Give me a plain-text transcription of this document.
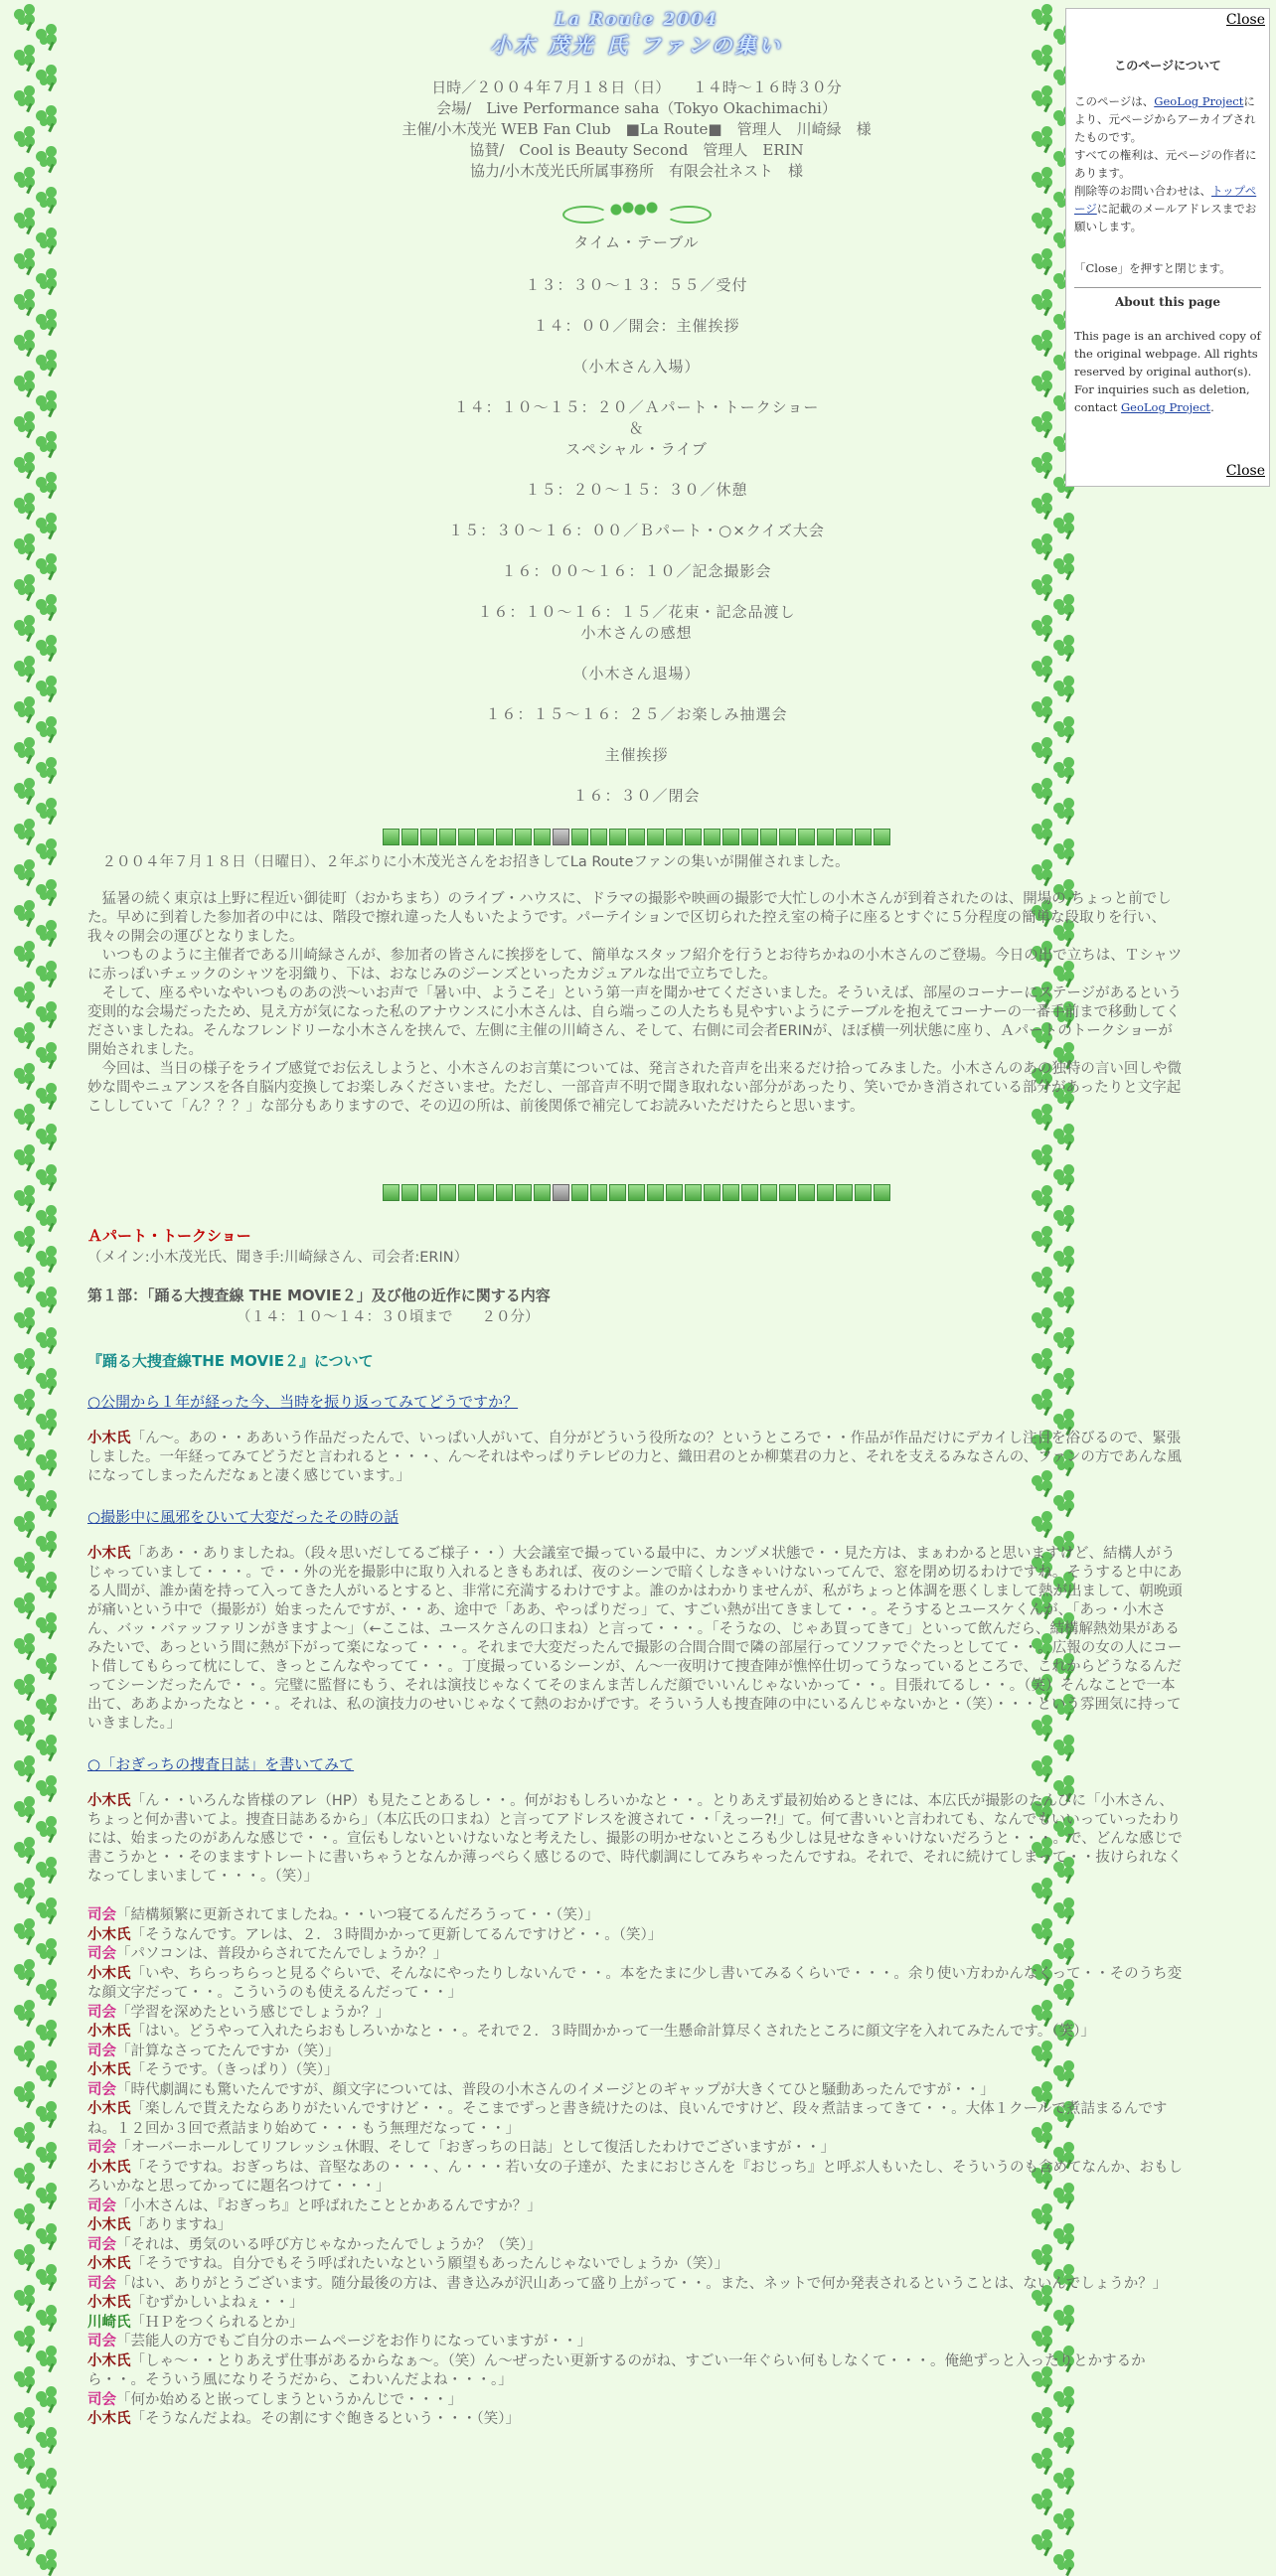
La Route 2004
小木 茂光 氏 ファンの集い
日時／２００４年７月１８日（日）　　１４時～１６時３０分
会場/　Live Performance saha（Tokyo Okachimachi）
主催/小木茂光 WEB Fan Club　■La Route■　管理人　川崎緑　様
協賛/　Cool is Beauty Second　管理人　ERIN
協力/小木茂光氏所属事務所　有限会社ネスト　様

タイム・テーブル

１３：３０～１３：５５／受付

１４：００／開会：主催挨拶

（小木さん入場）

１４：１０～１５：２０／Ａパート・トークショー
＆
スペシャル・ライブ

１５：２０～１５：３０／休憩

１５：３０～１６：００／Ｂパート・○×クイズ大会

１６：００～１６：１０／記念撮影会

１６：１０～１６：１５／花束・記念品渡し
小木さんの感想

（小木さん退場）

１６：１５～１６：２５／お楽しみ抽選会

主催挨拶

１６：３０／閉会

２００４年７月１８日（日曜日）、２年ぶりに小木茂光さんをお招きしてLa Routeファンの集いが開催されました。

猛暑の続く東京は上野に程近い御徒町（おかちまち）のライブ・ハウスに、ドラマの撮影や映画の撮影で大忙しの小木さんが到着されたのは、開場の ちょっと前でした。早めに到着した参加者の中には、階段で擦れ違った人もいたようです。パーテイションで区切られた控え室の椅子に座るとすぐに５分程度の簡単な段取りを行い、我々の開会の運びとなりました。

いつものように主催者である川崎緑さんが、参加者の皆さんに挨拶をして、簡単なスタッフ紹介を行うとお待ちかねの小木さんのご登場。今日の出で立ちは、Ｔシャツに赤っぽいチェックのシャツを羽織り、下は、おなじみのジーンズといったカジュアルな出で立ちでした。

そして、座るやいなやいつものあの渋～いお声で「暑い中、ようこそ」という第一声を聞かせてくださいました。そういえば、部屋のコーナーにステージがあるという変則的な会場だったため、見え方が気になった私のアナウンスに小木さんは、自ら端っこの人たちも見やすいようにテーブルを抱えてコーナーの一番手前まで移動してくださいましたね。そんなフレンドリーな小木さんを挟んで、左側に主催の川崎さん、そして、右側に司会者ERINが、ほぼ横一列状態に座り、Ａパートのトークショーが開始されました。

今回は、当日の様子をライブ感覚でお伝えしようと、小木さんのお言葉については、発言された音声を出来るだけ拾ってみました。小木さんのあの独特の言い回しや微妙な間やニュアンスを各自脳内変換してお楽しみくださいませ。ただし、一部音声不明で聞き取れない部分があったり、笑いでかき消されている部分があったりと文字起こししていて「ん？？？」な部分もありますので、その辺の所は、前後関係で補完してお読みいただけたらと思います。

Ａパート・トークショー
（メイン:小木茂光氏、聞き手:川崎緑さん、司会者:ERIN）
第１部：「踊る大捜査線 THE MOVIE２」及び他の近作に関する内容
（１４：１０～１４：３０頃まで　　２０分）
『踊る大捜査線THE MOVIE２』について
○公開から１年が経った今、当時を振り返ってみてどうですか？
小木氏「ん～。あの・・ああいう作品だったんで、いっぱい人がいて、自分がどういう役所なの？というところで・・作品が作品だけにデカイし注目を浴びるので、緊張しました。一年経ってみてどうだと言われると・・・、ん～それはやっぱりテレビの力と、織田君のとか柳葉君の力と、それを支えるみなさんの、ファンの方であんな風になってしまったんだなぁと凄く感じています。」
○撮影中に風邪をひいて大変だったその時の話
小木氏「ああ・・ありましたね。（段々思いだしてるご様子・・）大会議室で撮っている最中に、カンヅメ状態で・・見た方は、まぁわかると思いますけど、結構人がうじゃっていまして・・・。で・・外の光を撮影中に取り入れるときもあれば、夜のシーンで暗くしなきゃいけないってんで、窓を閉め切るわけですね。そうすると中にある人間が、誰か菌を持って入ってきた人がいるとすると、非常に充満するわけですよ。誰のかはわかりませんが、私がちょっと体調を悪くしまして熱が出まして、朝晩頭が痛いという中で（撮影が）始まったんですが、・・あ、途中で「ああ、やっぱりだっ」て、すごい熱が出てきまして・・。そうするとユースケくんが、「あっ・小木さん、バッ・バァッファリンがきますよ～」（←ここは、ユースケさんの口まね）と言って・・・。「そうなの、じゃあ買ってきて」といって飲んだら、結構解熱効果があるみたいで、あっという間に熱が下がって楽になって・・・。それまで大変だったんで撮影の合間合間で隣の部屋行ってソファでぐたっとしてて・・。広報の女の人にコート借してもらって枕にして、きっとこんなやってて・・。丁度撮っているシーンが、ん～一夜明けて捜査陣が憔悴仕切ってうなっているところで、これからどうなるんだってシーンだったんで・・。完璧に監督にもう、それは演技じゃなくてそのまんま苦しんだ顔でいいんじゃないかって・・。目張れてるし・・。（笑）そんなことで一本出て、ああよかったなと・・。それは、私の演技力のせいじゃなくて熱のおかげです。そういう人も捜査陣の中にいるんじゃないかと・（笑）・・・という雰囲気に持っていきました。」
○「おぎっちの捜査日誌」を書いてみて
小木氏「ん・・いろんな皆様のアレ（HP）も見たことあるし・・。何がおもしろいかなと・・。とりあえず最初始めるときには、本広氏が撮影のたんびに「小木さん、ちょっと何か書いてよ。捜査日誌あるから」（本広氏の口まね）と言ってアドレスを渡されて・・「えっー?!」て。何て書いいと言われても、なんでもいいっていったわりには、始まったのがあんな感じで・・。宣伝もしないといけないなと考えたし、撮影の明かせないところも少しは見せなきゃいけないだろうと・・・。で、どんな感じで書こうかと・・そのまますトレートに書いちゃうとなんか薄っぺらく感じるので、時代劇調にしてみちゃったんですね。それで、それに続けてしまって・・抜けられなくなってしまいまして・・・。（笑）」
司会「結構頻繁に更新されてましたね。・・いつ寝てるんだろうって・・（笑）」
小木氏「そうなんです。アレは、２．３時間かかって更新してるんですけど・・。（笑）」
司会「パソコンは、普段からされてたんでしょうか？」
小木氏「いや、ちらっちらっと見るぐらいで、そんなにやったりしないんで・・。本をたまに少し書いてみるくらいで・・・。余り使い方わかんなくって・・そのうち変な顔文字だって・・。こういうのも使えるんだって・・」
司会「学習を深めたという感じでしょうか？」
小木氏「はい。どうやって入れたらおもしろいかなと・・。それで２．３時間かかって一生懸命計算尽くされたところに顔文字を入れてみたんです。（笑）」
司会「計算なさってたんですか（笑）」
小木氏「そうです。（きっぱり）（笑）」
司会「時代劇調にも驚いたんですが、顔文字については、普段の小木さんのイメージとのギャップが大きくてひと騒動あったんですが・・」
小木氏「楽しんで貰えたならありがたいんですけど・・。そこまでずっと書き続けたのは、良いんですけど、段々煮詰まってきて・・。大体１クールで煮詰まるんですね。１２回か３回で煮詰まり始めて・・・もう無理だなって・・」
司会「オーバーホールしてリフレッシュ休暇、そして「おぎっちの日誌」として復活したわけでございますが・・」
小木氏「そうですね。おぎっちは、音堅なあの・・・、ん・・・若い女の子達が、たまにおじさんを『おじっち』と呼ぶ人もいたし、そういうのも含めてなんか、おもしろいかなと思ってかってに題名つけて・・・」
司会「小木さんは、『おぎっち』と呼ばれたこととかあるんですか？」
小木氏「ありますね」
司会「それは、勇気のいる呼び方じゃなかったんでしょうか？（笑）」
小木氏「そうですね。自分でもそう呼ばれたいなという願望もあったんじゃないでしょうか（笑）」
司会「はい、ありがとうございます。随分最後の方は、書き込みが沢山あって盛り上がって・・。また、ネットで何か発表されるということは、ないんでしょうか？」
小木氏「むずかしいよねぇ・・」
川崎氏「ＨＰをつくられるとか」
司会「芸能人の方でもご自分のホームページをお作りになっていますが・・」
小木氏「しゃ～・・とりあえず仕事があるからなぁ～。（笑）ん～ぜったい更新するのがね、すごい一年ぐらい何もしなくて・・・。俺絶ずっと入ったりとかするから・・。そういう風になりそうだから、こわいんだよね・・・。」
司会「何か始めると嵌ってしまうというかんじで・・・」
小木氏「そうなんだよね。その割にすぐ飽きるという・・・（笑）」
Close
このページについて
このページは、GeoLog Projectにより、元ページからアーカイブされたものです。
すべての権利は、元ページの作者にあります。
削除等のお問い合わせは、トップページに記載のメールアドレスまでお願いします。
「Close」を押すと閉じます。
About this page
This page is an archived copy of the original webpage. All rights reserved by original author(s). For inquiries such as deletion, contact GeoLog Project.
Close
